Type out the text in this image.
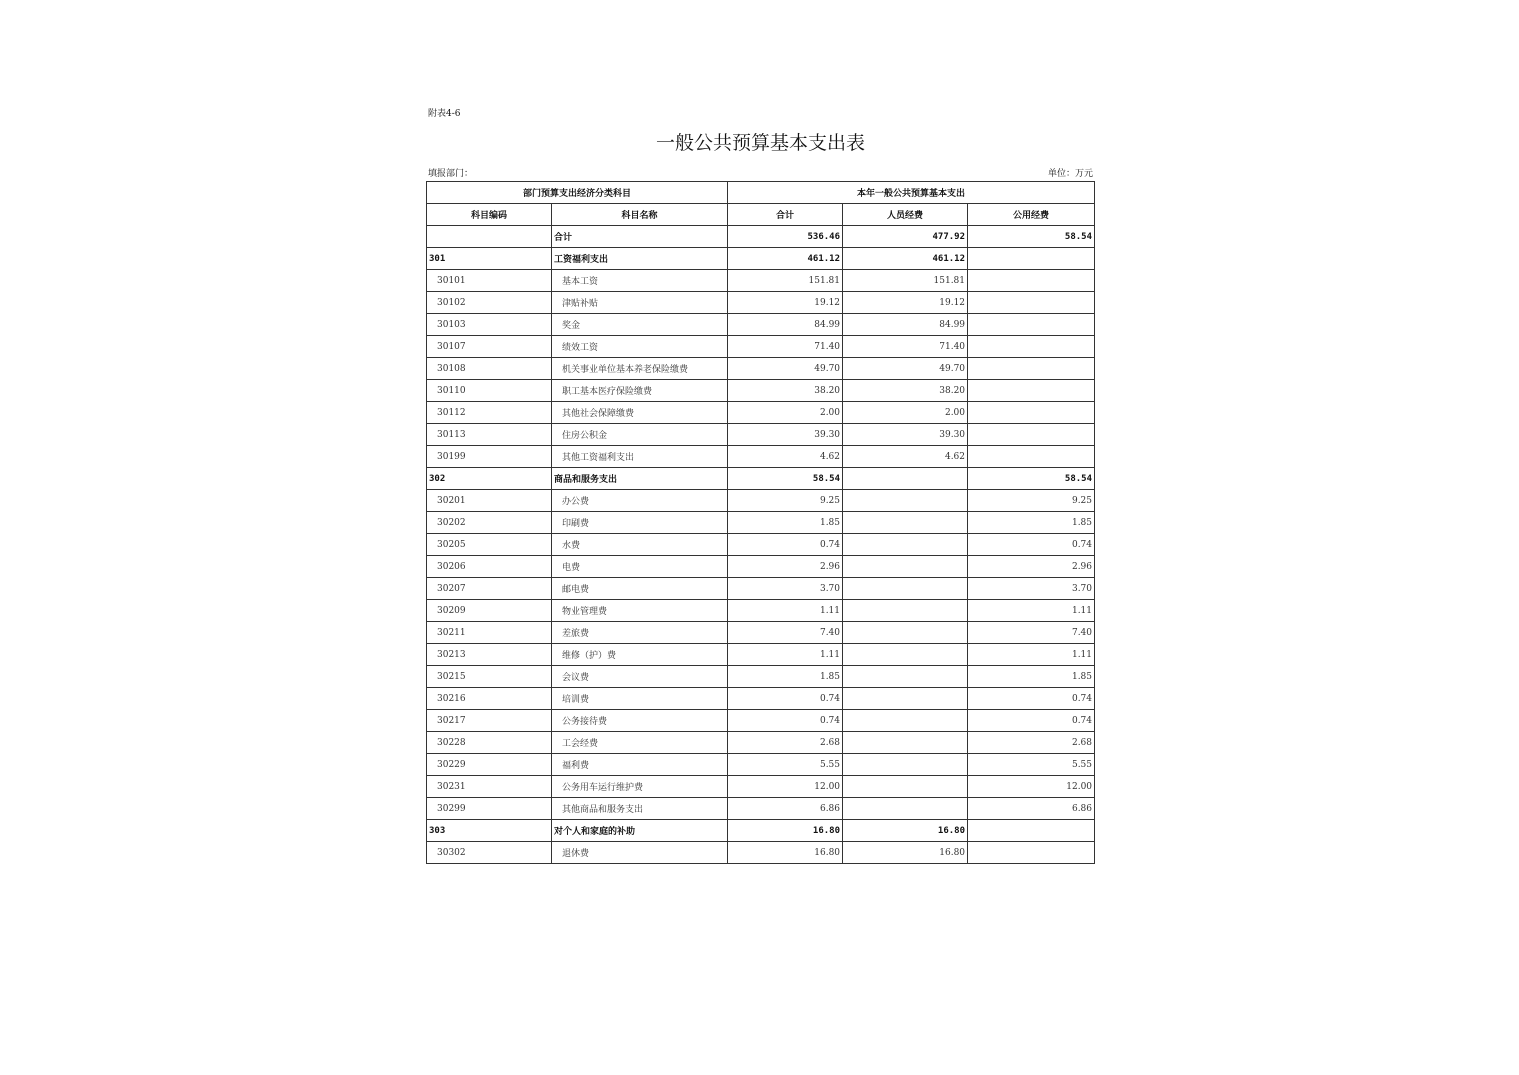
附表4-6
一般公共预算基本支出表
填报部门：	单位：万元
部门预算支出经济分类科目		本年一般公共预算基本支出		
科目编码	科目名称	合计	人员经费	公用经费
	合计	536.46	477.92	58.54
301	工资福利支出	461.12	461.12	
30101	基本工资	151.81	151.81	
30102	津贴补贴	19.12	19.12	
30103	奖金	84.99	84.99	
30107	绩效工资	71.40	71.40	
30108	机关事业单位基本养老保险缴费	49.70	49.70	
30110	职工基本医疗保险缴费	38.20	38.20	
30112	其他社会保障缴费	2.00	2.00	
30113	住房公积金	39.30	39.30	
30199	其他工资福利支出	4.62	4.62	
302	商品和服务支出	58.54		58.54
30201	办公费	9.25		9.25
30202	印刷费	1.85		1.85
30205	水费	0.74		0.74
30206	电费	2.96		2.96
30207	邮电费	3.70		3.70
30209	物业管理费	1.11		1.11
30211	差旅费	7.40		7.40
30213	维修（护）费	1.11		1.11
30215	会议费	1.85		1.85
30216	培训费	0.74		0.74
30217	公务接待费	0.74		0.74
30228	工会经费	2.68		2.68
30229	福利费	5.55		5.55
30231	公务用车运行维护费	12.00		12.00
30299	其他商品和服务支出	6.86		6.86
303	对个人和家庭的补助	16.80	16.80	
30302	退休费	16.80	16.80	
